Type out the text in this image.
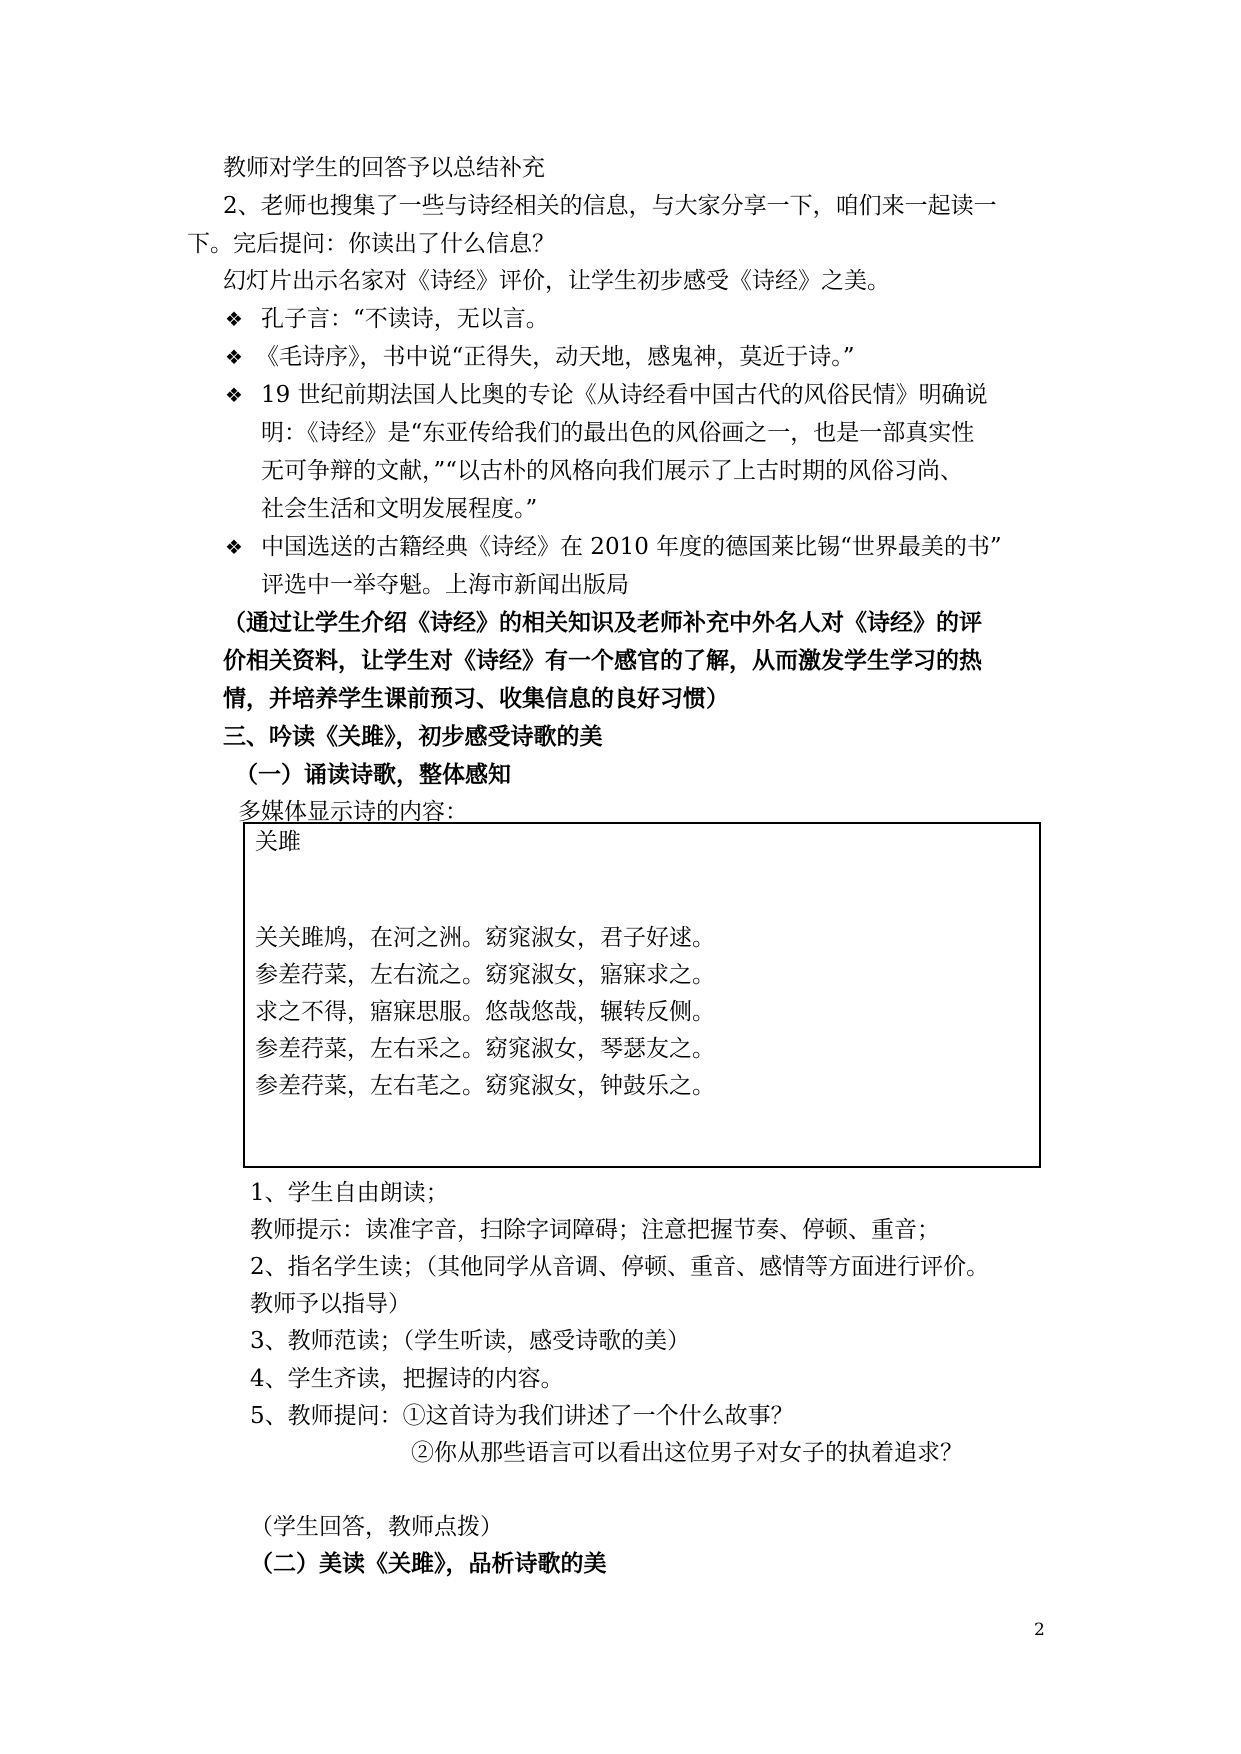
教师对学生的回答予以总结补充
2、老师也搜集了一些与诗经相关的信息，与大家分享一下，咱们来一起读一
下。完后提问：你读出了什么信息？
幻灯片出示名家对《诗经》评价，让学生初步感受《诗经》之美。
❖ 孔子言：“不读诗，无以言。
❖ 《毛诗序》，书中说“正得失，动天地，感鬼神，莫近于诗。”
❖ 19 世纪前期法国人比奥的专论《从诗经看中国古代的风俗民情》明确说
明：《诗经》是“东亚传给我们的最出色的风俗画之一，也是一部真实性
无可争辩的文献，”“以古朴的风格向我们展示了上古时期的风俗习尚、
社会生活和文明发展程度。”
❖ 中国选送的古籍经典《诗经》在 2010 年度的德国莱比锡“世界最美的书”
评选中一举夺魁。上海市新闻出版局
（通过让学生介绍《诗经》的相关知识及老师补充中外名人对《诗经》的评
价相关资料，让学生对《诗经》有一个感官的了解，从而激发学生学习的热
情，并培养学生课前预习、收集信息的良好习惯）
三、吟读《关雎》，初步感受诗歌的美
（一）诵读诗歌，整体感知
多媒体显示诗的内容：
关雎
关关雎鸠，在河之洲。窈窕淑女，君子好逑。
参差荇菜，左右流之。窈窕淑女，寤寐求之。
求之不得，寤寐思服。悠哉悠哉，辗转反侧。
参差荇菜，左右采之。窈窕淑女，琴瑟友之。
参差荇菜，左右芼之。窈窕淑女，钟鼓乐之。
1、学生自由朗读；
教师提示：读准字音，扫除字词障碍；注意把握节奏、停顿、重音；
2、指名学生读；（其他同学从音调、停顿、重音、感情等方面进行评价。
教师予以指导）
3、教师范读；（学生听读，感受诗歌的美）
4、学生齐读，把握诗的内容。
5、教师提问：①这首诗为我们讲述了一个什么故事？
②你从那些语言可以看出这位男子对女子的执着追求？
（学生回答，教师点拨）
（二）美读《关雎》，品析诗歌的美
2
